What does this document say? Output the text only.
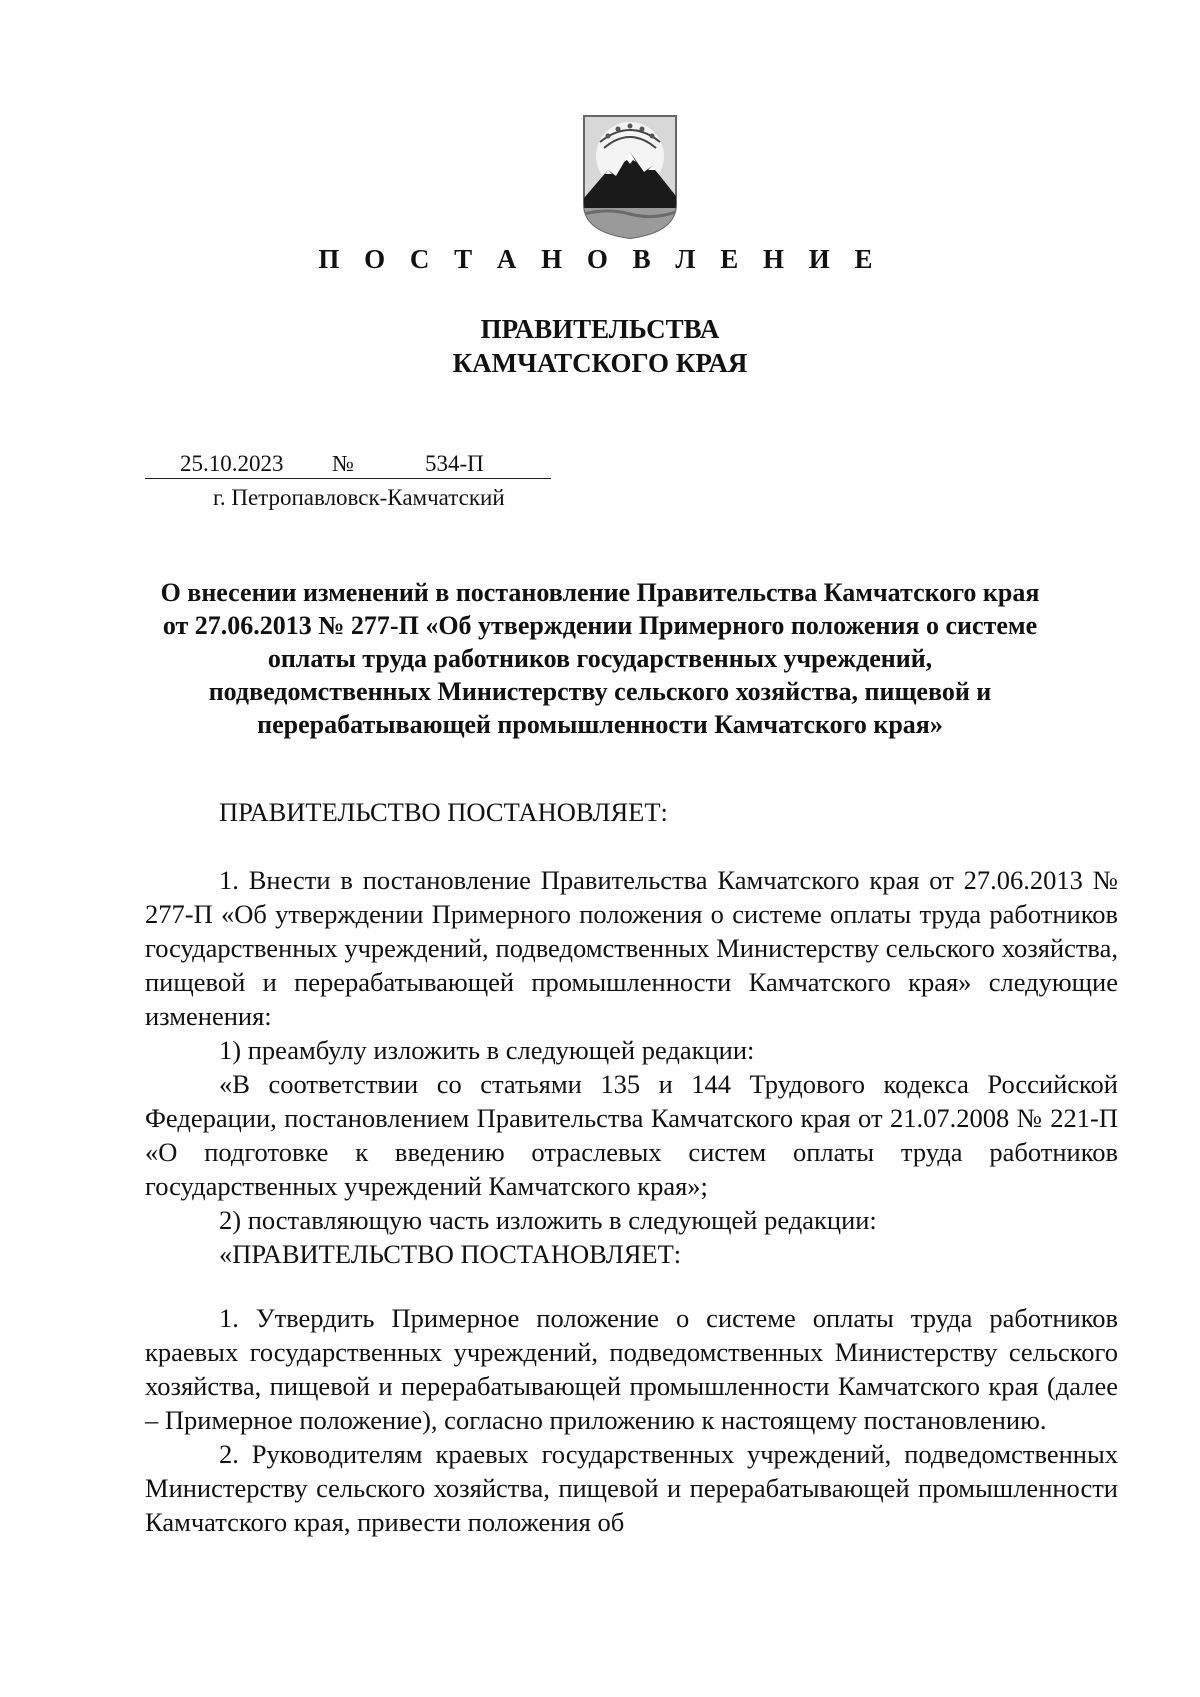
П О С Т А Н О В Л Е Н И Е
ПРАВИТЕЛЬСТВА
КАМЧАТСКОГО КРАЯ
25.10.2023 №	534-П
г. Петропавловск-Камчатский
О внесении изменений в постановление Правительства Камчатского края
от 27.06.2013 № 277-П «Об утверждении Примерного положения о системе
оплаты труда работников государственных учреждений,
подведомственных Министерству сельского хозяйства, пищевой и
перерабатывающей промышленности Камчатского края»

ПРАВИТЕЛЬСТВО ПОСТАНОВЛЯЕТ:

1. Внести в постановление Правительства Камчатского края от 27.06.2013 № 277-П «Об утверждении Примерного положения о системе оплаты труда работников государственных учреждений, подведомственных Министерству сельского хозяйства, пищевой и перерабатывающей промышленности Камчатского края» следующие изменения:

1) преамбулу изложить в следующей редакции:

«В соответствии со статьями 135 и 144 Трудового кодекса Российской Федерации, постановлением Правительства Камчатского края от 21.07.2008 № 221-П «О подготовке к введению отраслевых систем оплаты труда работников государственных учреждений Камчатского края»;

2) поставляющую часть изложить в следующей редакции:

«ПРАВИТЕЛЬСТВО ПОСТАНОВЛЯЕТ:

1. Утвердить Примерное положение о системе оплаты труда работников краевых государственных учреждений, подведомственных Министерству сельского хозяйства, пищевой и перерабатывающей промышленности Камчатского края (далее – Примерное положение), согласно приложению к настоящему постановлению.

2. Руководителям краевых государственных учреждений, подведомственных Министерству сельского хозяйства, пищевой и перерабатывающей промышленности Камчатского края, привести положения об
